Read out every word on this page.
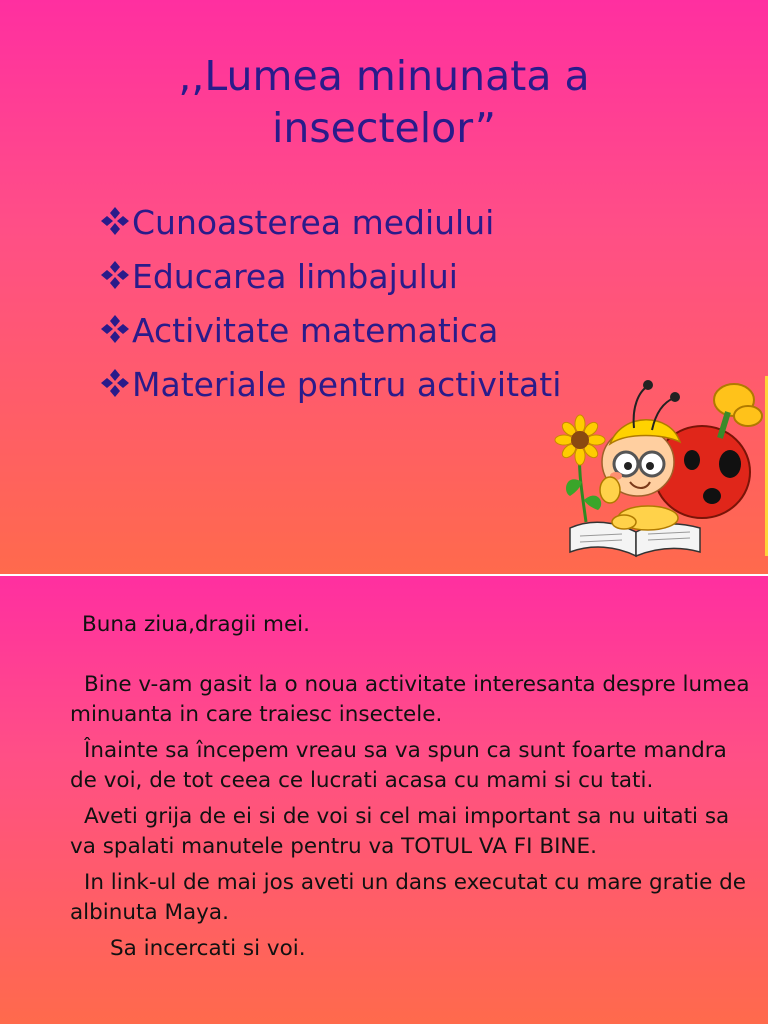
,,Lumea minunata a
insectelor”
Cunoasterea mediului
Educarea limbajului
Activitate matematica
Materiale pentru activitati

Buna ziua,dragii mei.

Bine v-am gasit la o noua activitate interesanta despre lumea minuanta in care traiesc insectele.

Înainte sa începem vreau sa va spun ca sunt foarte mandra de voi, de tot ceea ce lucrati acasa cu mami si cu tati.

Aveti grija de ei si de voi si cel mai important sa nu uitati sa va spalati manutele pentru va TOTUL VA FI BINE.

In link-ul de mai jos aveti un dans executat cu mare gratie de albinuta Maya.

Sa incercati si voi.
